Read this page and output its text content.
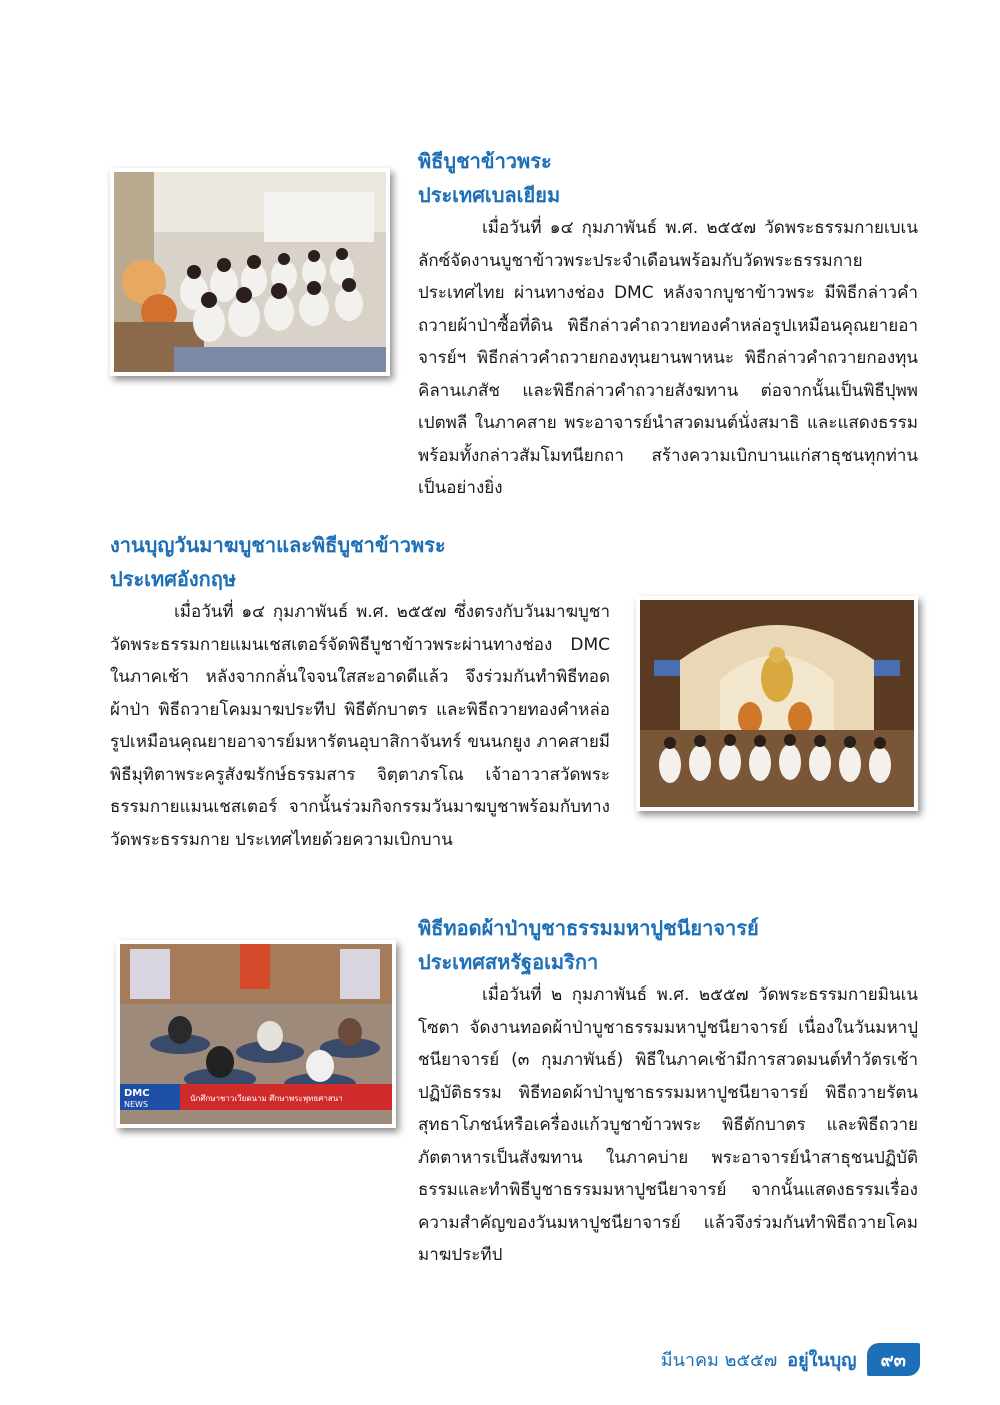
พิธีบูชาข้าวพระ

ประเทศเบลเยียม

เมื่อวันที่ ๑๔ กุมภาพันธ์ พ.ศ. ๒๕๕๗ วัดพระธรรมกายเบเนลักซ์จัดงานบูชาข้าวพระประจำเดือนพร้อมกับวัดพระธรรมกายประเทศไทย ผ่านทางช่อง DMC หลังจากบูชาข้าวพระ มีพิธีกล่าวคำถวายผ้าป่าซื้อที่ดิน พิธีกล่าวคำถวายทองคำหล่อรูปเหมือนคุณยายอาจารย์ฯ พิธีกล่าวคำถวายกองทุนยานพาหนะ พิธีกล่าวคำถวายกองทุนคิลานเภสัช และพิธีกล่าวคำถวายสังฆทาน ต่อจากนั้นเป็นพิธีปุพพเปตพลี ในภาคสาย พระอาจารย์นำสวดมนต์นั่งสมาธิ และแสดงธรรม พร้อมทั้งกล่าวสัมโมทนียกถา สร้างความเบิกบานแก่สาธุชนทุกท่านเป็นอย่างยิ่ง

งานบุญวันมาฆบูชาและพิธีบูชาข้าวพระ

ประเทศอังกฤษ

เมื่อวันที่ ๑๔ กุมภาพันธ์ พ.ศ. ๒๕๕๗ ซึ่งตรงกับวันมาฆบูชา วัดพระธรรมกายแมนเชสเตอร์จัดพิธีบูชาข้าวพระผ่านทางช่อง DMC ในภาคเช้า หลังจากกลั่นใจจนใสสะอาดดีแล้ว จึงร่วมกันทำพิธีทอดผ้าป่า พิธีถวายโคมมาฆประทีป พิธีตักบาตร และพิธีถวายทองคำหล่อรูปเหมือนคุณยายอาจารย์มหารัตนอุบาสิกาจันทร์ ขนนกยูง ภาคสายมีพิธีมุทิตาพระครูสังฆรักษ์ธรรมสาร จิตฺตาภรโณ เจ้าอาวาสวัดพระธรรมกายแมนเชสเตอร์ จากนั้นร่วมกิจกรรมวันมาฆบูชาพร้อมกับทางวัดพระธรรมกาย ประเทศไทยด้วยความเบิกบาน

DMC
NEWS
นักศึกษาชาวเวียดนาม ศึกษาพระพุทธศาสนา

พิธีทอดผ้าป่าบูชาธรรมมหาปูชนียาจารย์

ประเทศสหรัฐอเมริกา

เมื่อวันที่ ๒ กุมภาพันธ์ พ.ศ. ๒๕๕๗ วัดพระธรรมกายมินเนโซตา จัดงานทอดผ้าป่าบูชาธรรมมหาปูชนียาจารย์ เนื่องในวันมหาปูชนียาจารย์ (๓ กุมภาพันธ์) พิธีในภาคเช้ามีการสวดมนต์ทำวัตรเช้า ปฏิบัติธรรม พิธีทอดผ้าป่าบูชาธรรมมหาปูชนียาจารย์ พิธีถวายรัตนสุทธาโภชน์หรือเครื่องแก้วบูชาข้าวพระ พิธีตักบาตร และพิธีถวายภัตตาหารเป็นสังฆทาน ในภาคบ่าย พระอาจารย์นำสาธุชนปฏิบัติธรรมและทำพิธีบูชาธรรมมหาปูชนียาจารย์ จากนั้นแสดงธรรมเรื่องความสำคัญของวันมหาปูชนียาจารย์ แล้วจึงร่วมกันทำพิธีถวายโคมมาฆประทีป

มีนาคม ๒๕๕๗ อยู่ในบุญ	๙๓
